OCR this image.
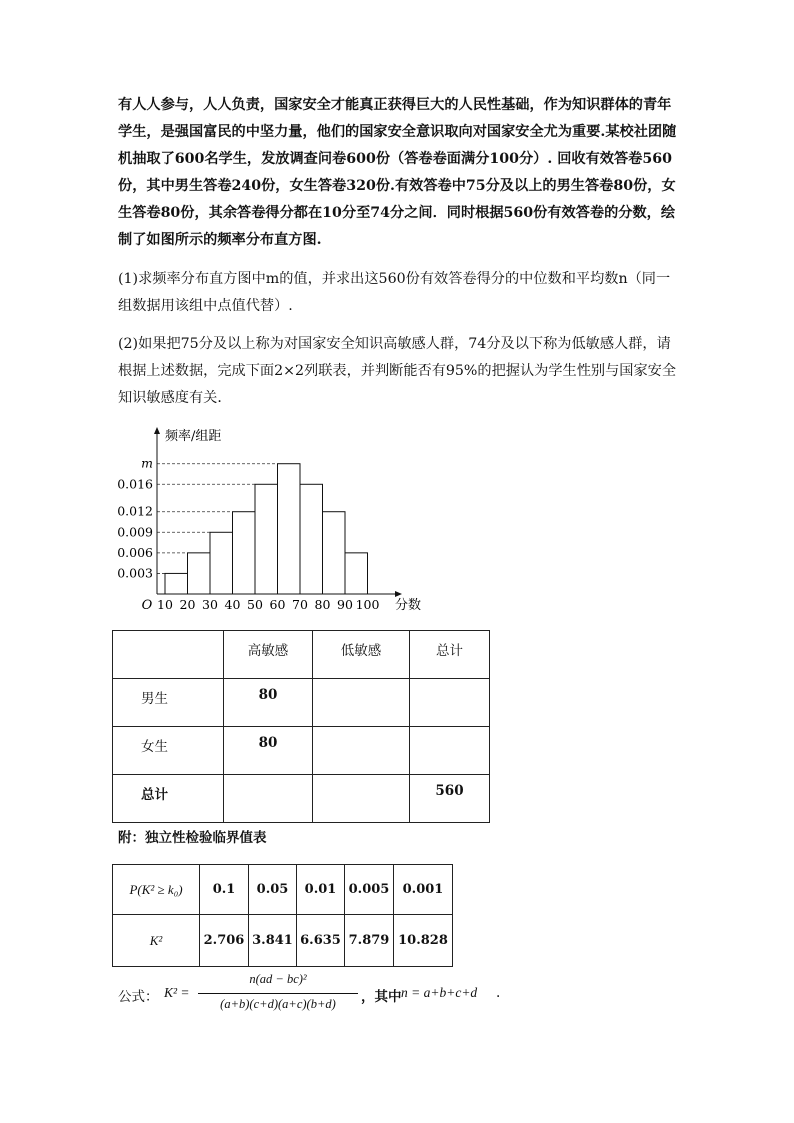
有人人参与，人人负责，国家安全才能真正获得巨大的人民性基础，作为知识群体的青年学生，是强国富民的中坚力量，他们的国家安全意识取向对国家安全尤为重要.某校社团随机抽取了600名学生，发放调查问卷600份（答卷卷面满分100分）. 回收有效答卷560份，其中男生答卷240份，女生答卷320份.有效答卷中75分及以上的男生答卷80份，女生答卷80份，其余答卷得分都在10分至74分之间．同时根据560份有效答卷的分数，绘制了如图所示的频率分布直方图.
(1)求频率分布直方图中m的值，并求出这560份有效答卷得分的中位数和平均数n（同一组数据用该组中点值代替）.
(2)如果把75分及以上称为对国家安全知识高敏感人群，74分及以下称为低敏感人群，请根据上述数据，完成下面2×2列联表，并判断能否有95%的把握认为学生性别与国家安全知识敏感度有关．
0.003
0.006
0.009
0.012
0.016
m
10 20 30 40 50 60 70 80 90 100
O
频率/组距
分数
	高敏感	低敏感	总计
男生	80		
女生	80		
总计			560
附：独立性检验临界值表
P(K² ≥ k₀)	0.1	0.05	0.01	0.005	0.001
K²	2.706	3.841	6.635	7.879	10.828
公式： K² =
n(ad − bc)²
(a+b)(c+d)(a+c)(b+d)	，其中 n = a+b+c+d .
